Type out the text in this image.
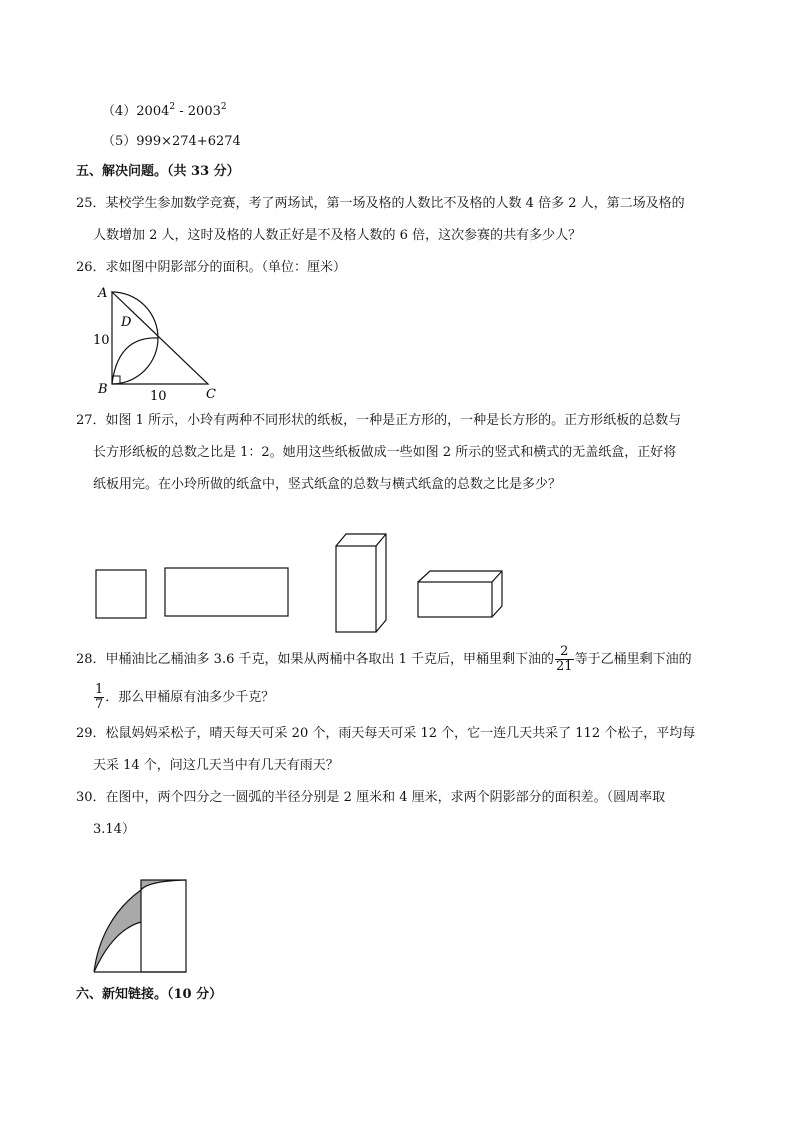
（4）2004$^2$ - 2003$^2$
（5）999×274+6274
五、解决问题。（共 33 分）
25．某校学生参加数学竞赛，考了两场试，第一场及格的人数比不及格的人数 4 倍多 2 人，第二场及格的
人数增加 2 人，这时及格的人数正好是不及格人数的 6 倍，这次参赛的共有多少人？
26．求如图中阴影部分的面积。（单位：厘米）
A
D
B	C
10
10
27．如图 1 所示，小玲有两种不同形状的纸板，一种是正方形的，一种是长方形的。正方形纸板的总数与
长方形纸板的总数之比是 1：2。她用这些纸板做成一些如图 2 所示的竖式和横式的无盖纸盒，正好将
纸板用完。在小玲所做的纸盒中，竖式纸盒的总数与横式纸盒的总数之比是多少？
28．甲桶油比乙桶油多 3.6 千克，如果从两桶中各取出 1 千克后，甲桶里剩下油的 $\frac{2}{21}$ 等于乙桶里剩下油的
$\frac{1}{7}$ ．那么甲桶原有油多少千克？
29．松鼠妈妈采松子，晴天每天可采 20 个，雨天每天可采 12 个，它一连几天共采了 112 个松子，平均每
天采 14 个，问这几天当中有几天有雨天？
30．在图中，两个四分之一圆弧的半径分别是 2 厘米和 4 厘米，求两个阴影部分的面积差。（圆周率取
3.14）
六、新知链接。（10 分）
